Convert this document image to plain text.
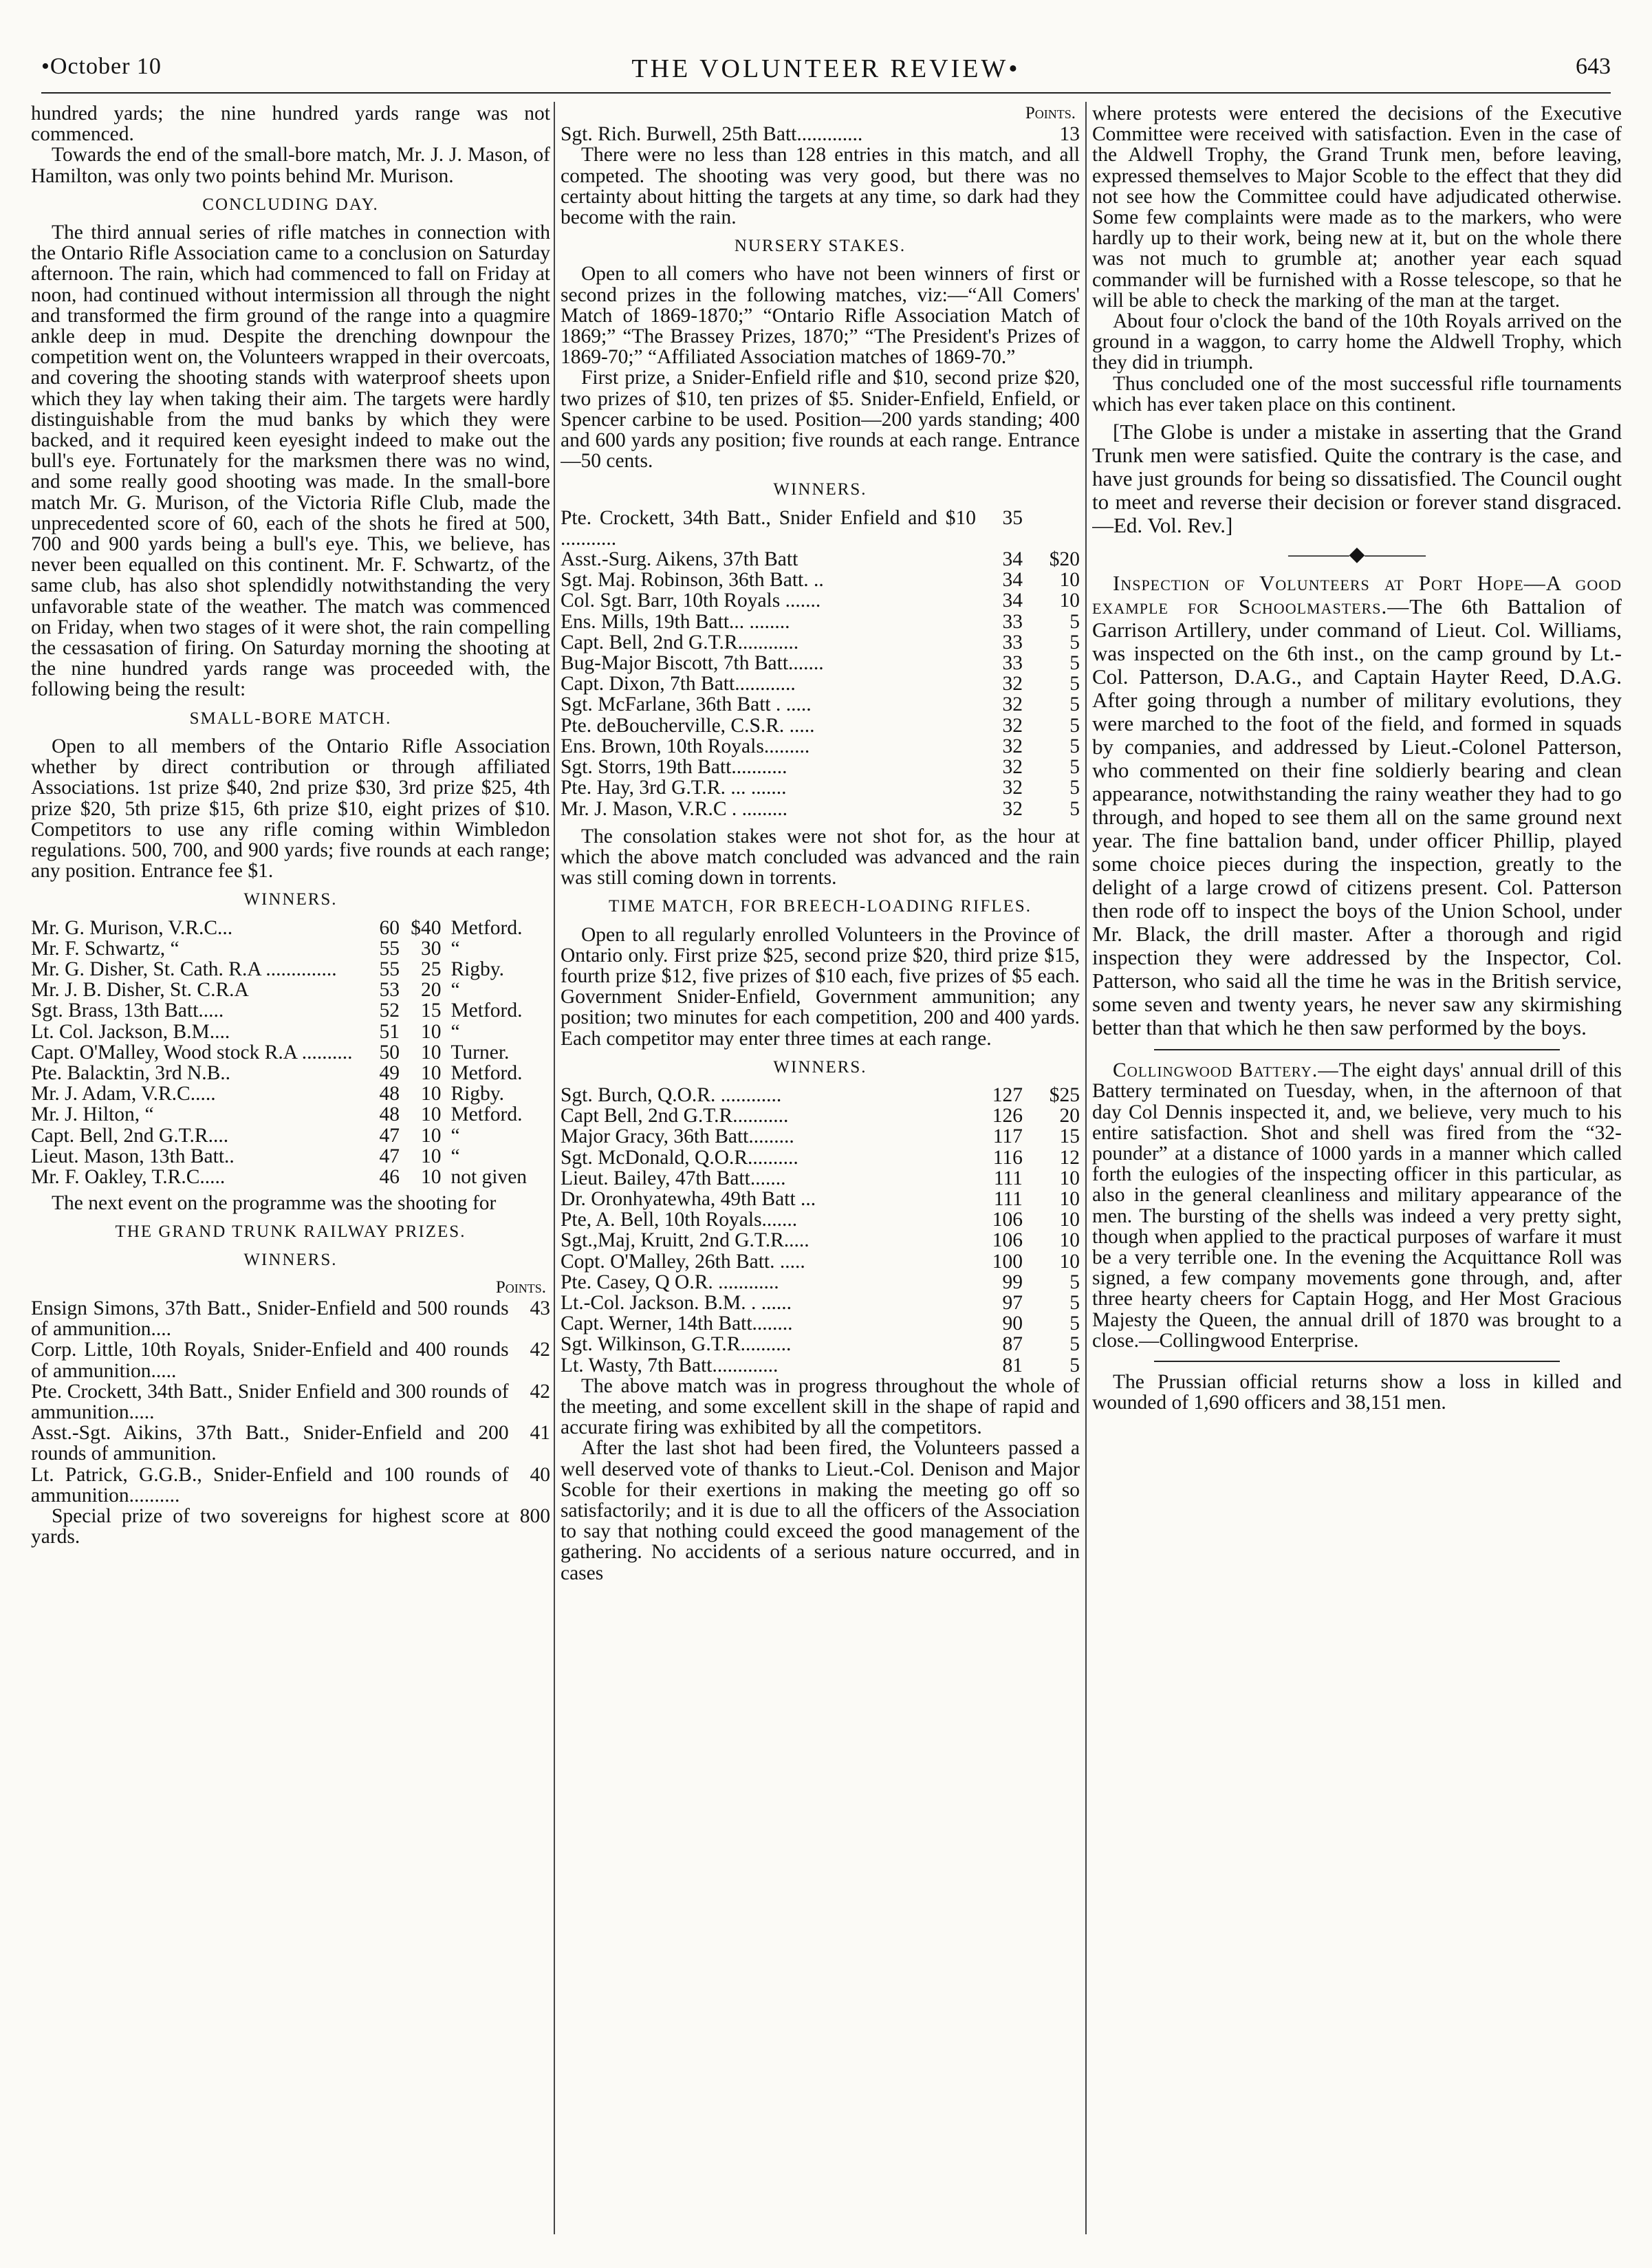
•October 10	THE VOLUNTEER REVIEW•	643

hundred yards; the nine hundred yards range was not commenced.

Towards the end of the small-bore match, Mr. J. J. Mason, of Hamilton, was only two points behind Mr. Murison.

CONCLUDING DAY.

The third annual series of rifle matches in connection with the Ontario Rifle Association came to a conclusion on Saturday afternoon. The rain, which had commenced to fall on Friday at noon, had continued without intermission all through the night and transformed the firm ground of the range into a quagmire ankle deep in mud. Despite the drenching downpour the competition went on, the Volunteers wrapped in their overcoats, and covering the shooting stands with waterproof sheets upon which they lay when taking their aim. The targets were hardly distinguishable from the mud banks by which they were backed, and it required keen eyesight indeed to make out the bull's eye. Fortunately for the marksmen there was no wind, and some really good shooting was made. In the small-bore match Mr. G. Murison, of the Victoria Rifle Club, made the unprecedented score of 60, each of the shots he fired at 500, 700 and 900 yards being a bull's eye. This, we believe, has never been equalled on this continent. Mr. F. Schwartz, of the same club, has also shot splendidly notwithstanding the very unfavorable state of the weather. The match was commenced on Friday, when two stages of it were shot, the rain compelling the cessasation of firing. On Saturday morning the shooting at the nine hundred yards range was proceeded with, the following being the result:

SMALL-BORE MATCH.

Open to all members of the Ontario Rifle Association whether by direct contribution or through affiliated Associations. 1st prize $40, 2nd prize $30, 3rd prize $25, 4th prize $20, 5th prize $15, 6th prize $10, eight prizes of $10. Competitors to use any rifle coming within Wimbledon regulations. 500, 700, and 900 yards; five rounds at each range; any position. Entrance fee $1.

WINNERS.
Mr. G. Murison, V.R.C...	60	$40	Metford.
Mr. F. Schwartz, “	55	30	“
Mr. G. Disher, St. Cath. R.A ..............	55	25	Rigby.
Mr. J. B. Disher, St. C.R.A	53	20	“
Sgt. Brass, 13th Batt.....	52	15	Metford.
Lt. Col. Jackson, B.M....	51	10	“
Capt. O'Malley, Wood stock R.A ..........	50	10	Turner.
Pte. Balacktin, 3rd N.B..	49	10	Metford.
Mr. J. Adam, V.R.C.....	48	10	Rigby.
Mr. J. Hilton, “	48	10	Metford.
Capt. Bell, 2nd G.T.R....	47	10	“
Lieut. Mason, 13th Batt..	47	10	“
Mr. F. Oakley, T.R.C.....	46	10	not given

The next event on the programme was the shooting for

THE GRAND TRUNK RAILWAY PRIZES.
WINNERS.
Points.
Ensign Simons, 37th Batt., Snider-Enfield and 500 rounds of ammunition....	43
Corp. Little, 10th Royals, Snider-Enfield and 400 rounds of ammunition.....	42
Pte. Crockett, 34th Batt., Snider Enfield and 300 rounds of ammunition.....	42
Asst.-Sgt. Aikins, 37th Batt., Snider-Enfield and 200 rounds of ammunition.	41
Lt. Patrick, G.G.B., Snider-Enfield and 100 rounds of ammunition..........	40

Special prize of two sovereigns for highest score at 800 yards.

Points.
Sgt. Rich. Burwell, 25th Batt.............	13

There were no less than 128 entries in this match, and all competed. The shooting was very good, but there was no certainty about hitting the targets at any time, so dark had they become with the rain.

NURSERY STAKES.

Open to all comers who have not been winners of first or second prizes in the following matches, viz:—“All Comers' Match of 1869-1870;” “Ontario Rifle Association Match of 1869;” “The Brassey Prizes, 1870;” “The President's Prizes of 1869-70;” “Affiliated Association matches of 1869-70.”

First prize, a Snider-Enfield rifle and $10, second prize $20, two prizes of $10, ten prizes of $5. Snider-Enfield, Enfield, or Spencer carbine to be used. Position—200 yards standing; 400 and 600 yards any position; five rounds at each range. Entrance—50 cents.

WINNERS.
Pte. Crockett, 34th Batt., Snider Enfield and $10 ...........	35	
Asst.-Surg. Aikens, 37th Batt	34	$20
Sgt. Maj. Robinson, 36th Batt. ..	34	10
Col. Sgt. Barr, 10th Royals .......	34	10
Ens. Mills, 19th Batt... ........	33	5
Capt. Bell, 2nd G.T.R............	33	5
Bug-Major Biscott, 7th Batt.......	33	5
Capt. Dixon, 7th Batt............	32	5
Sgt. McFarlane, 36th Batt . .....	32	5
Pte. deBoucherville, C.S.R. .....	32	5
Ens. Brown, 10th Royals.........	32	5
Sgt. Storrs, 19th Batt...........	32	5
Pte. Hay, 3rd G.T.R. ... .......	32	5
Mr. J. Mason, V.R.C . .........	32	5

The consolation stakes were not shot for, as the hour at which the above match concluded was advanced and the rain was still coming down in torrents.

TIME MATCH, FOR BREECH-LOADING RIFLES.

Open to all regularly enrolled Volunteers in the Province of Ontario only. First prize $25, second prize $20, third prize $15, fourth prize $12, five prizes of $10 each, five prizes of $5 each. Government Snider-Enfield, Government ammunition; any position; two minutes for each competition, 200 and 400 yards. Each competitor may enter three times at each range.

WINNERS.
Sgt. Burch, Q.O.R. ............	127	$25
Capt Bell, 2nd G.T.R...........	126	20
Major Gracy, 36th Batt.........	117	15
Sgt. McDonald, Q.O.R..........	116	12
Lieut. Bailey, 47th Batt.......	111	10
Dr. Oronhyatewha, 49th Batt ...	111	10
Pte, A. Bell, 10th Royals.......	106	10
Sgt.,Maj, Kruitt, 2nd G.T.R.....	106	10
Copt. O'Malley, 26th Batt. .....	100	10
Pte. Casey, Q O.R. ............	99	5
Lt.-Col. Jackson. B.M. . ......	97	5
Capt. Werner, 14th Batt........	90	5
Sgt. Wilkinson, G.T.R..........	87	5
Lt. Wasty, 7th Batt.............	81	5

The above match was in progress throughout the whole of the meeting, and some excellent skill in the shape of rapid and accurate firing was exhibited by all the competitors.

After the last shot had been fired, the Volunteers passed a well deserved vote of thanks to Lieut.-Col. Denison and Major Scoble for their exertions in making the meeting go off so satisfactorily; and it is due to all the officers of the Association to say that nothing could exceed the good management of the gathering. No accidents of a serious nature occurred, and in cases

where protests were entered the decisions of the Executive Committee were received with satisfaction. Even in the case of the Aldwell Trophy, the Grand Trunk men, before leaving, expressed themselves to Major Scoble to the effect that they did not see how the Committee could have adjudicated otherwise. Some few complaints were made as to the markers, who were hardly up to their work, being new at it, but on the whole there was not much to grumble at; another year each squad commander will be furnished with a Rosse telescope, so that he will be able to check the marking of the man at the target.

About four o'clock the band of the 10th Royals arrived on the ground in a waggon, to carry home the Aldwell Trophy, which they did in triumph.

Thus concluded one of the most successful rifle tournaments which has ever taken place on this continent.

[The Globe is under a mistake in asserting that the Grand Trunk men were satisfied. Quite the contrary is the case, and have just grounds for being so dissatisfied. The Council ought to meet and reverse their decision or forever stand disgraced.—Ed. Vol. Rev.]

———◆———

Inspection of Volunteers at Port Hope—A good example for Schoolmasters.—The 6th Battalion of Garrison Artillery, under command of Lieut. Col. Williams, was inspected on the 6th inst., on the camp ground by Lt.-Col. Patterson, D.A.G., and Captain Hayter Reed, D.A.G. After going through a number of military evolutions, they were marched to the foot of the field, and formed in squads by companies, and addressed by Lieut.-Colonel Patterson, who commented on their fine soldierly bearing and clean appearance, notwithstanding the rainy weather they had to go through, and hoped to see them all on the same ground next year. The fine battalion band, under officer Phillip, played some choice pieces during the inspection, greatly to the delight of a large crowd of citizens present. Col. Patterson then rode off to inspect the boys of the Union School, under Mr. Black, the drill master. After a thorough and rigid inspection they were addressed by the Inspector, Col. Patterson, who said all the time he was in the British service, some seven and twenty years, he never saw any skirmishing better than that which he then saw performed by the boys.

Collingwood Battery.—The eight days' annual drill of this Battery terminated on Tuesday, when, in the afternoon of that day Col Dennis inspected it, and, we believe, very much to his entire satisfaction. Shot and shell was fired from the “32-pounder” at a distance of 1000 yards in a manner which called forth the eulogies of the inspecting officer in this particular, as also in the general cleanliness and military appearance of the men. The bursting of the shells was indeed a very pretty sight, though when applied to the practical purposes of warfare it must be a very terrible one. In the evening the Acquittance Roll was signed, a few company movements gone through, and, after three hearty cheers for Captain Hogg, and Her Most Gracious Majesty the Queen, the annual drill of 1870 was brought to a close.—Collingwood Enterprise.

The Prussian official returns show a loss in killed and wounded of 1,690 officers and 38,151 men.
